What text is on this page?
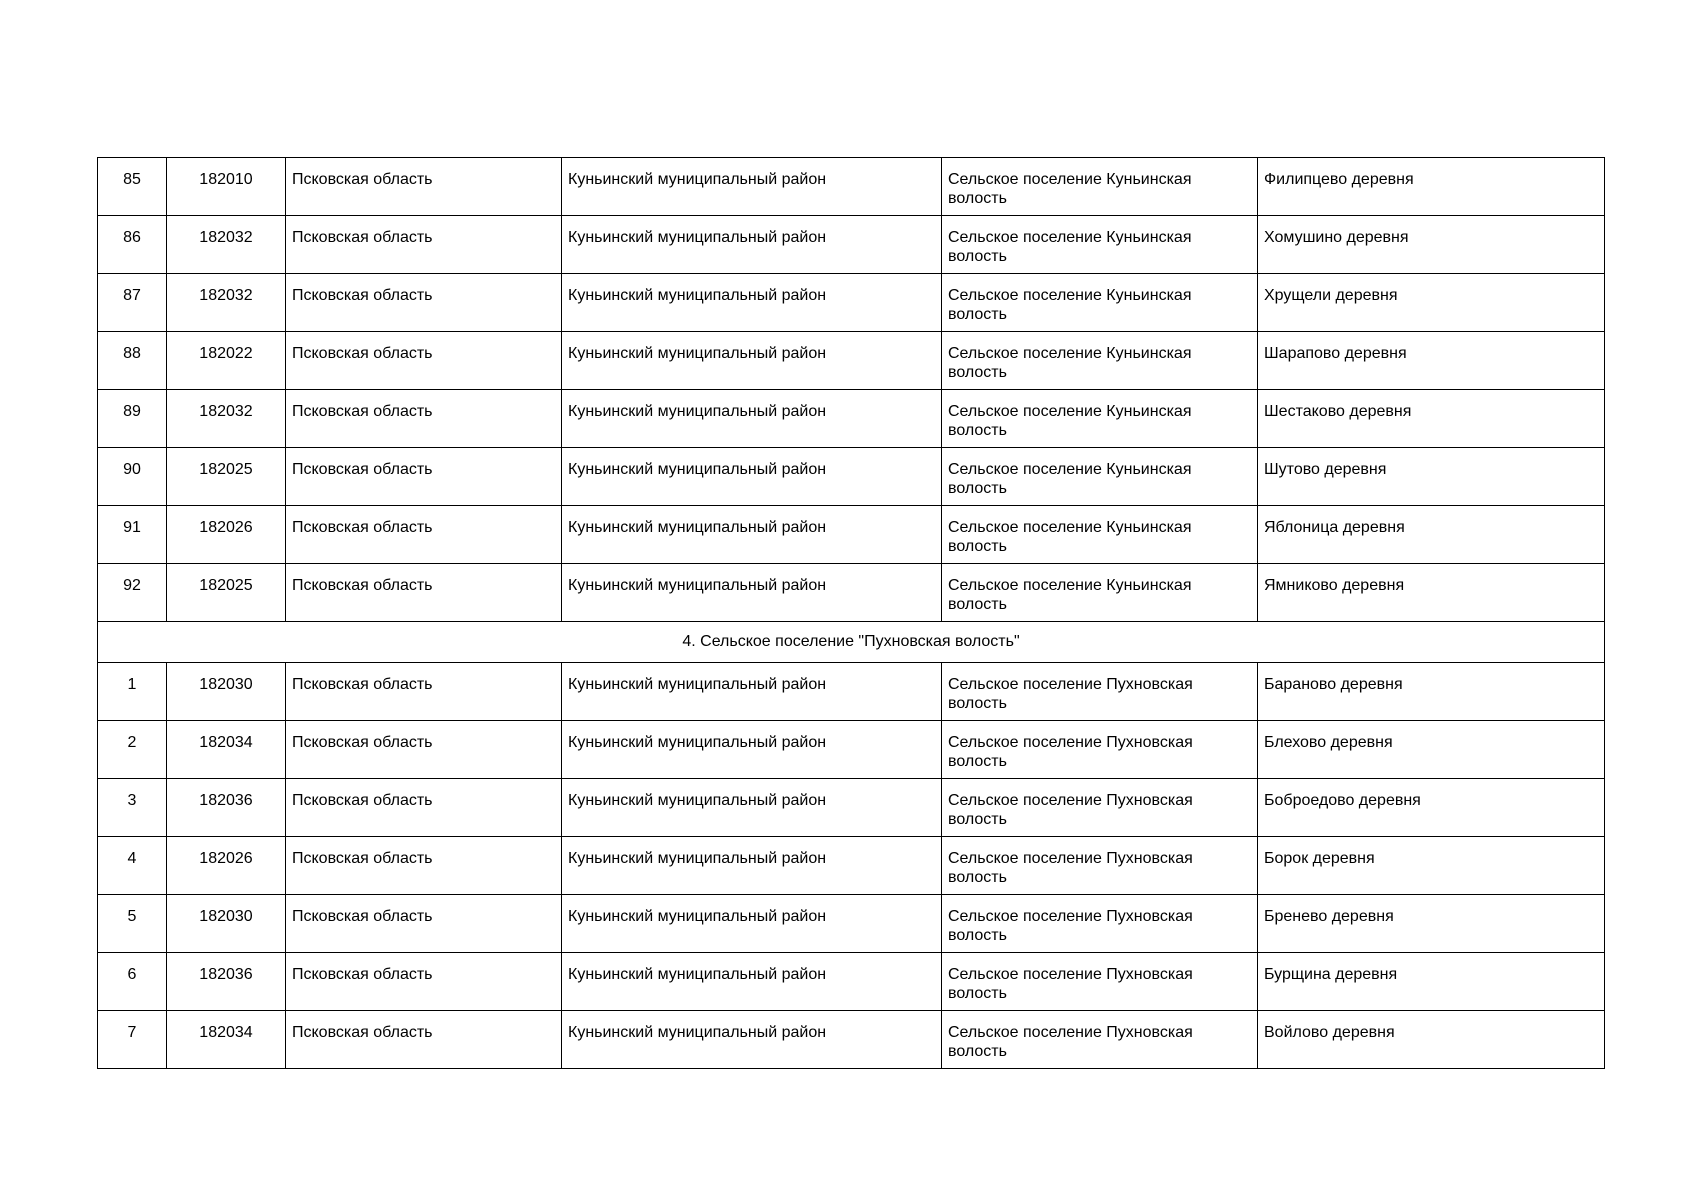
85	182010	Псковская область	Куньинский муниципальный район	Сельское поселение Куньинская волость	Филипцево деревня
86	182032	Псковская область	Куньинский муниципальный район	Сельское поселение Куньинская волость	Хомушино деревня
87	182032	Псковская область	Куньинский муниципальный район	Сельское поселение Куньинская волость	Хрущели деревня
88	182022	Псковская область	Куньинский муниципальный район	Сельское поселение Куньинская волость	Шарапово деревня
89	182032	Псковская область	Куньинский муниципальный район	Сельское поселение Куньинская волость	Шестаково деревня
90	182025	Псковская область	Куньинский муниципальный район	Сельское поселение Куньинская волость	Шутово деревня
91	182026	Псковская область	Куньинский муниципальный район	Сельское поселение Куньинская волость	Яблоница деревня
92	182025	Псковская область	Куньинский муниципальный район	Сельское поселение Куньинская волость	Ямниково деревня
4. Сельское поселение "Пухновская волость"					
1	182030	Псковская область	Куньинский муниципальный район	Сельское поселение Пухновская волость	Бараново деревня
2	182034	Псковская область	Куньинский муниципальный район	Сельское поселение Пухновская волость	Блехово деревня
3	182036	Псковская область	Куньинский муниципальный район	Сельское поселение Пухновская волость	Боброедово деревня
4	182026	Псковская область	Куньинский муниципальный район	Сельское поселение Пухновская волость	Борок деревня
5	182030	Псковская область	Куньинский муниципальный район	Сельское поселение Пухновская волость	Бренево деревня
6	182036	Псковская область	Куньинский муниципальный район	Сельское поселение Пухновская волость	Бурщина деревня
7	182034	Псковская область	Куньинский муниципальный район	Сельское поселение Пухновская волость	Войлово деревня
